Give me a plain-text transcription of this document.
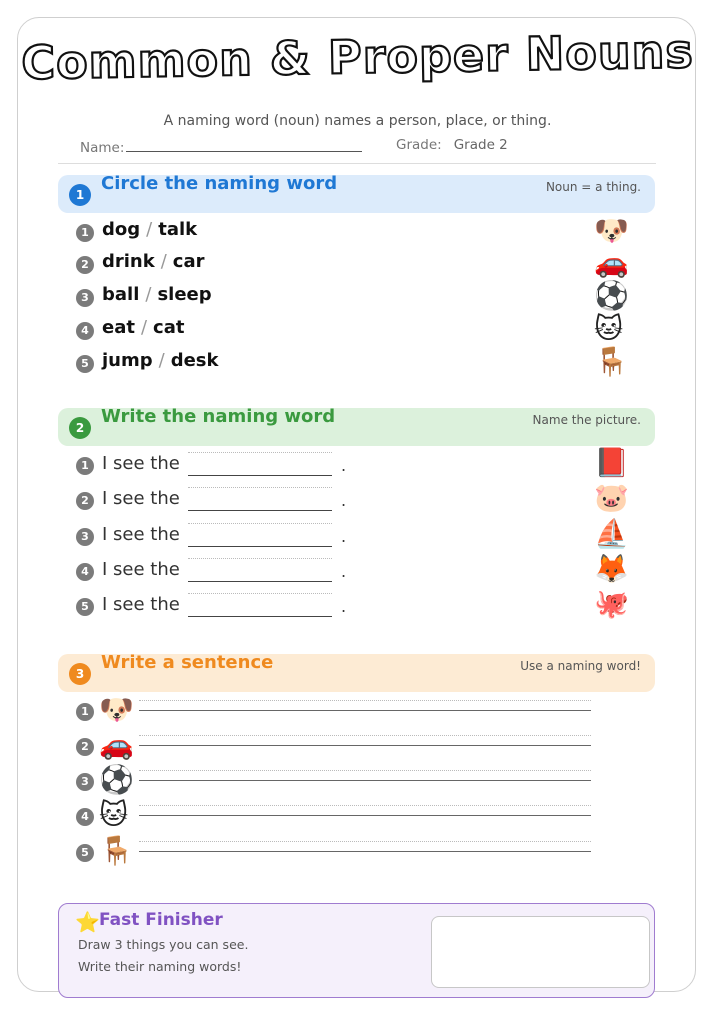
Common & Proper Nouns
A naming word (noun) names a person, place, or thing.
Name:	Grade: Grade 2
1
Circle the naming word	Noun = a thing.
1 dog / talk	🐶
2 drink / car	🚗
3 ball / sleep	⚽
4 eat / cat	🐱
5 jump / desk	🪑
2
Write the naming word	Name the picture.
1 I see the	.	📕
2 I see the	.	🐷
3 I see the	.	⛵
4 I see the	.	🦊
5 I see the	.	🐙
3
Write a sentence	Use a naming word!
1 🐶
2 🚗
3 ⚽
4 🐱
5 🪑
⭐ Fast Finisher
Draw 3 things you can see.
Write their naming words!
